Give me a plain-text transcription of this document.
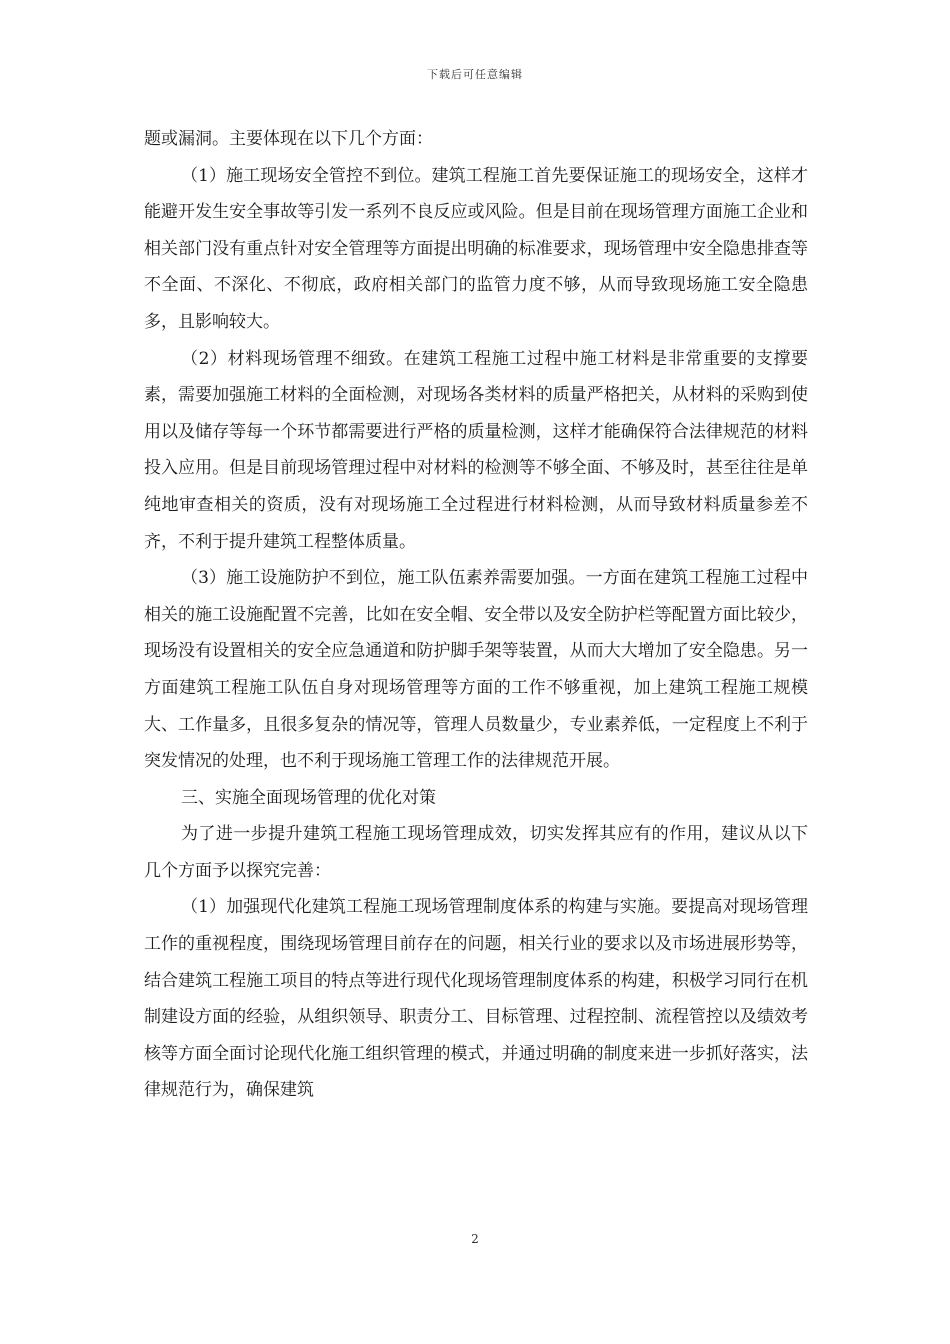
下载后可任意编辑

题或漏洞。主要体现在以下几个方面：

（1）施工现场安全管控不到位。建筑工程施工首先要保证施工的现场安全，这样才能避开发生安全事故等引发一系列不良反应或风险。但是目前在现场管理方面施工企业和相关部门没有重点针对安全管理等方面提出明确的标准要求，现场管理中安全隐患排查等不全面、不深化、不彻底，政府相关部门的监管力度不够，从而导致现场施工安全隐患多，且影响较大。

（2）材料现场管理不细致。在建筑工程施工过程中施工材料是非常重要的支撑要素，需要加强施工材料的全面检测，对现场各类材料的质量严格把关，从材料的采购到使用以及储存等每一个环节都需要进行严格的质量检测，这样才能确保符合法律规范的材料投入应用。但是目前现场管理过程中对材料的检测等不够全面、不够及时，甚至往往是单纯地审查相关的资质，没有对现场施工全过程进行材料检测，从而导致材料质量参差不齐，不利于提升建筑工程整体质量。

（3）施工设施防护不到位，施工队伍素养需要加强。一方面在建筑工程施工过程中相关的施工设施配置不完善，比如在安全帽、安全带以及安全防护栏等配置方面比较少，现场没有设置相关的安全应急通道和防护脚手架等装置，从而大大增加了安全隐患。另一方面建筑工程施工队伍自身对现场管理等方面的工作不够重视，加上建筑工程施工规模大、工作量多，且很多复杂的情况等，管理人员数量少，专业素养低，一定程度上不利于突发情况的处理，也不利于现场施工管理工作的法律规范开展。

三、实施全面现场管理的优化对策

为了进一步提升建筑工程施工现场管理成效，切实发挥其应有的作用，建议从以下几个方面予以探究完善：

（1）加强现代化建筑工程施工现场管理制度体系的构建与实施。要提高对现场管理工作的重视程度，围绕现场管理目前存在的问题，相关行业的要求以及市场进展形势等，结合建筑工程施工项目的特点等进行现代化现场管理制度体系的构建，积极学习同行在机制建设方面的经验，从组织领导、职责分工、目标管理、过程控制、流程管控以及绩效考核等方面全面讨论现代化施工组织管理的模式，并通过明确的制度来进一步抓好落实，法律规范行为，确保建筑

2
